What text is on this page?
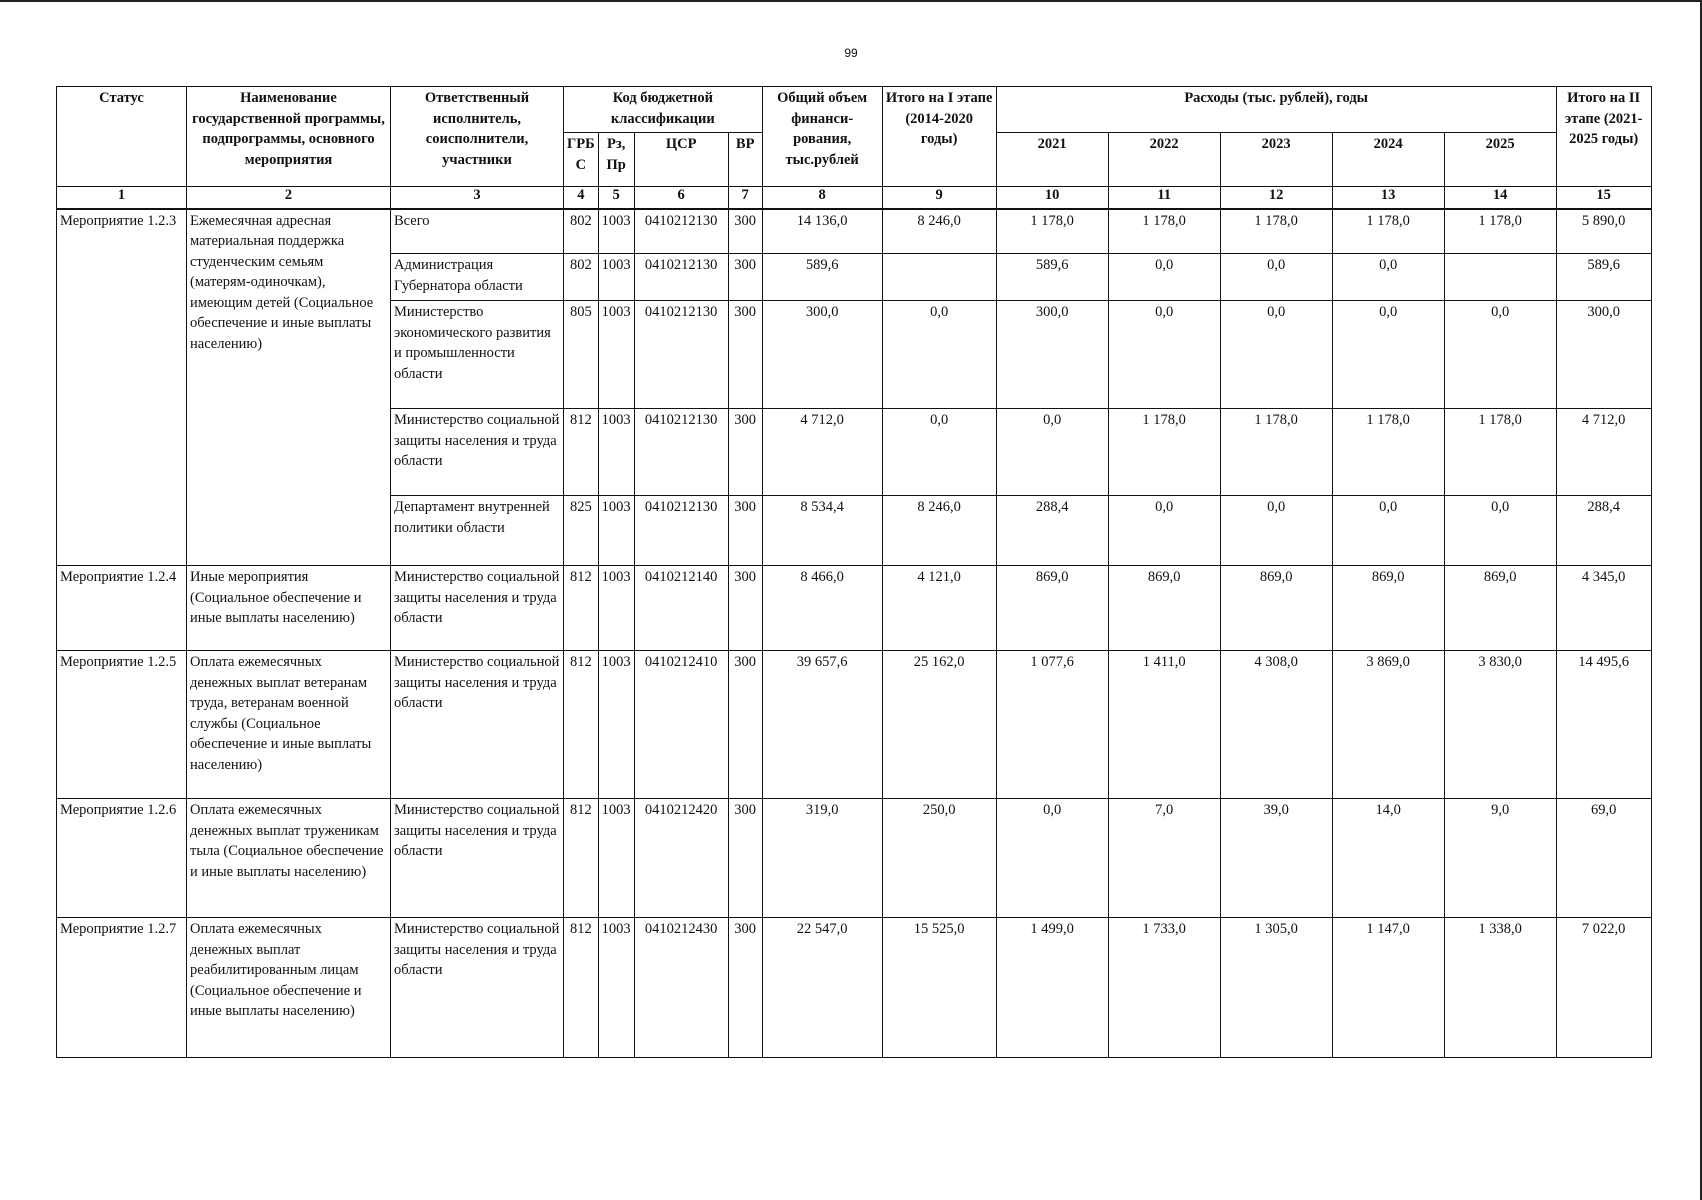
99
Статус	Наименование государственной программы, подпрограммы, основного мероприятия	Ответственный исполнитель, соисполнители, участники	Код бюджетной классификации				Общий объем финанси-рования, тыс.рублей	Итого на I этапе (2014-2020 годы)	Расходы (тыс. рублей), годы					Итого на II этапе (2021-2025 годы)
			ГРБ С	Рз, Пр	ЦСР	ВР			2021	2022	2023	2024	2025	
1	2	3	4	5	6	7	8	9	10	11	12	13	14	15
Мероприятие 1.2.3	Ежемесячная адресная материальная поддержка студенческим семьям (матерям-одиночкам), имеющим детей (Социальное обеспечение и иные выплаты населению)	Всего	802	1003	0410212130	300	14 136,0	8 246,0	1 178,0	1 178,0	1 178,0	1 178,0	1 178,0	5 890,0
		Администрация Губернатора области	802	1003	0410212130	300	589,6		589,6	0,0	0,0	0,0		589,6
		Министерство экономического развития и промышленности области	805	1003	0410212130	300	300,0	0,0	300,0	0,0	0,0	0,0	0,0	300,0
		Министерство социальной защиты населения и труда области	812	1003	0410212130	300	4 712,0	0,0	0,0	1 178,0	1 178,0	1 178,0	1 178,0	4 712,0
		Департамент внутренней политики области	825	1003	0410212130	300	8 534,4	8 246,0	288,4	0,0	0,0	0,0	0,0	288,4
Мероприятие 1.2.4	Иные мероприятия (Социальное обеспечение и иные выплаты населению)	Министерство социальной защиты населения и труда области	812	1003	0410212140	300	8 466,0	4 121,0	869,0	869,0	869,0	869,0	869,0	4 345,0
Мероприятие 1.2.5	Оплата ежемесячных денежных выплат ветеранам труда, ветеранам военной службы (Социальное обеспечение и иные выплаты населению)	Министерство социальной защиты населения и труда области	812	1003	0410212410	300	39 657,6	25 162,0	1 077,6	1 411,0	4 308,0	3 869,0	3 830,0	14 495,6
Мероприятие 1.2.6	Оплата ежемесячных денежных выплат труженикам тыла (Социальное обеспечение и иные выплаты населению)	Министерство социальной защиты населения и труда области	812	1003	0410212420	300	319,0	250,0	0,0	7,0	39,0	14,0	9,0	69,0
Мероприятие 1.2.7	Оплата ежемесячных денежных выплат реабилитированным лицам (Социальное обеспечение и иные выплаты населению)	Министерство социальной защиты населения и труда области	812	1003	0410212430	300	22 547,0	15 525,0	1 499,0	1 733,0	1 305,0	1 147,0	1 338,0	7 022,0
